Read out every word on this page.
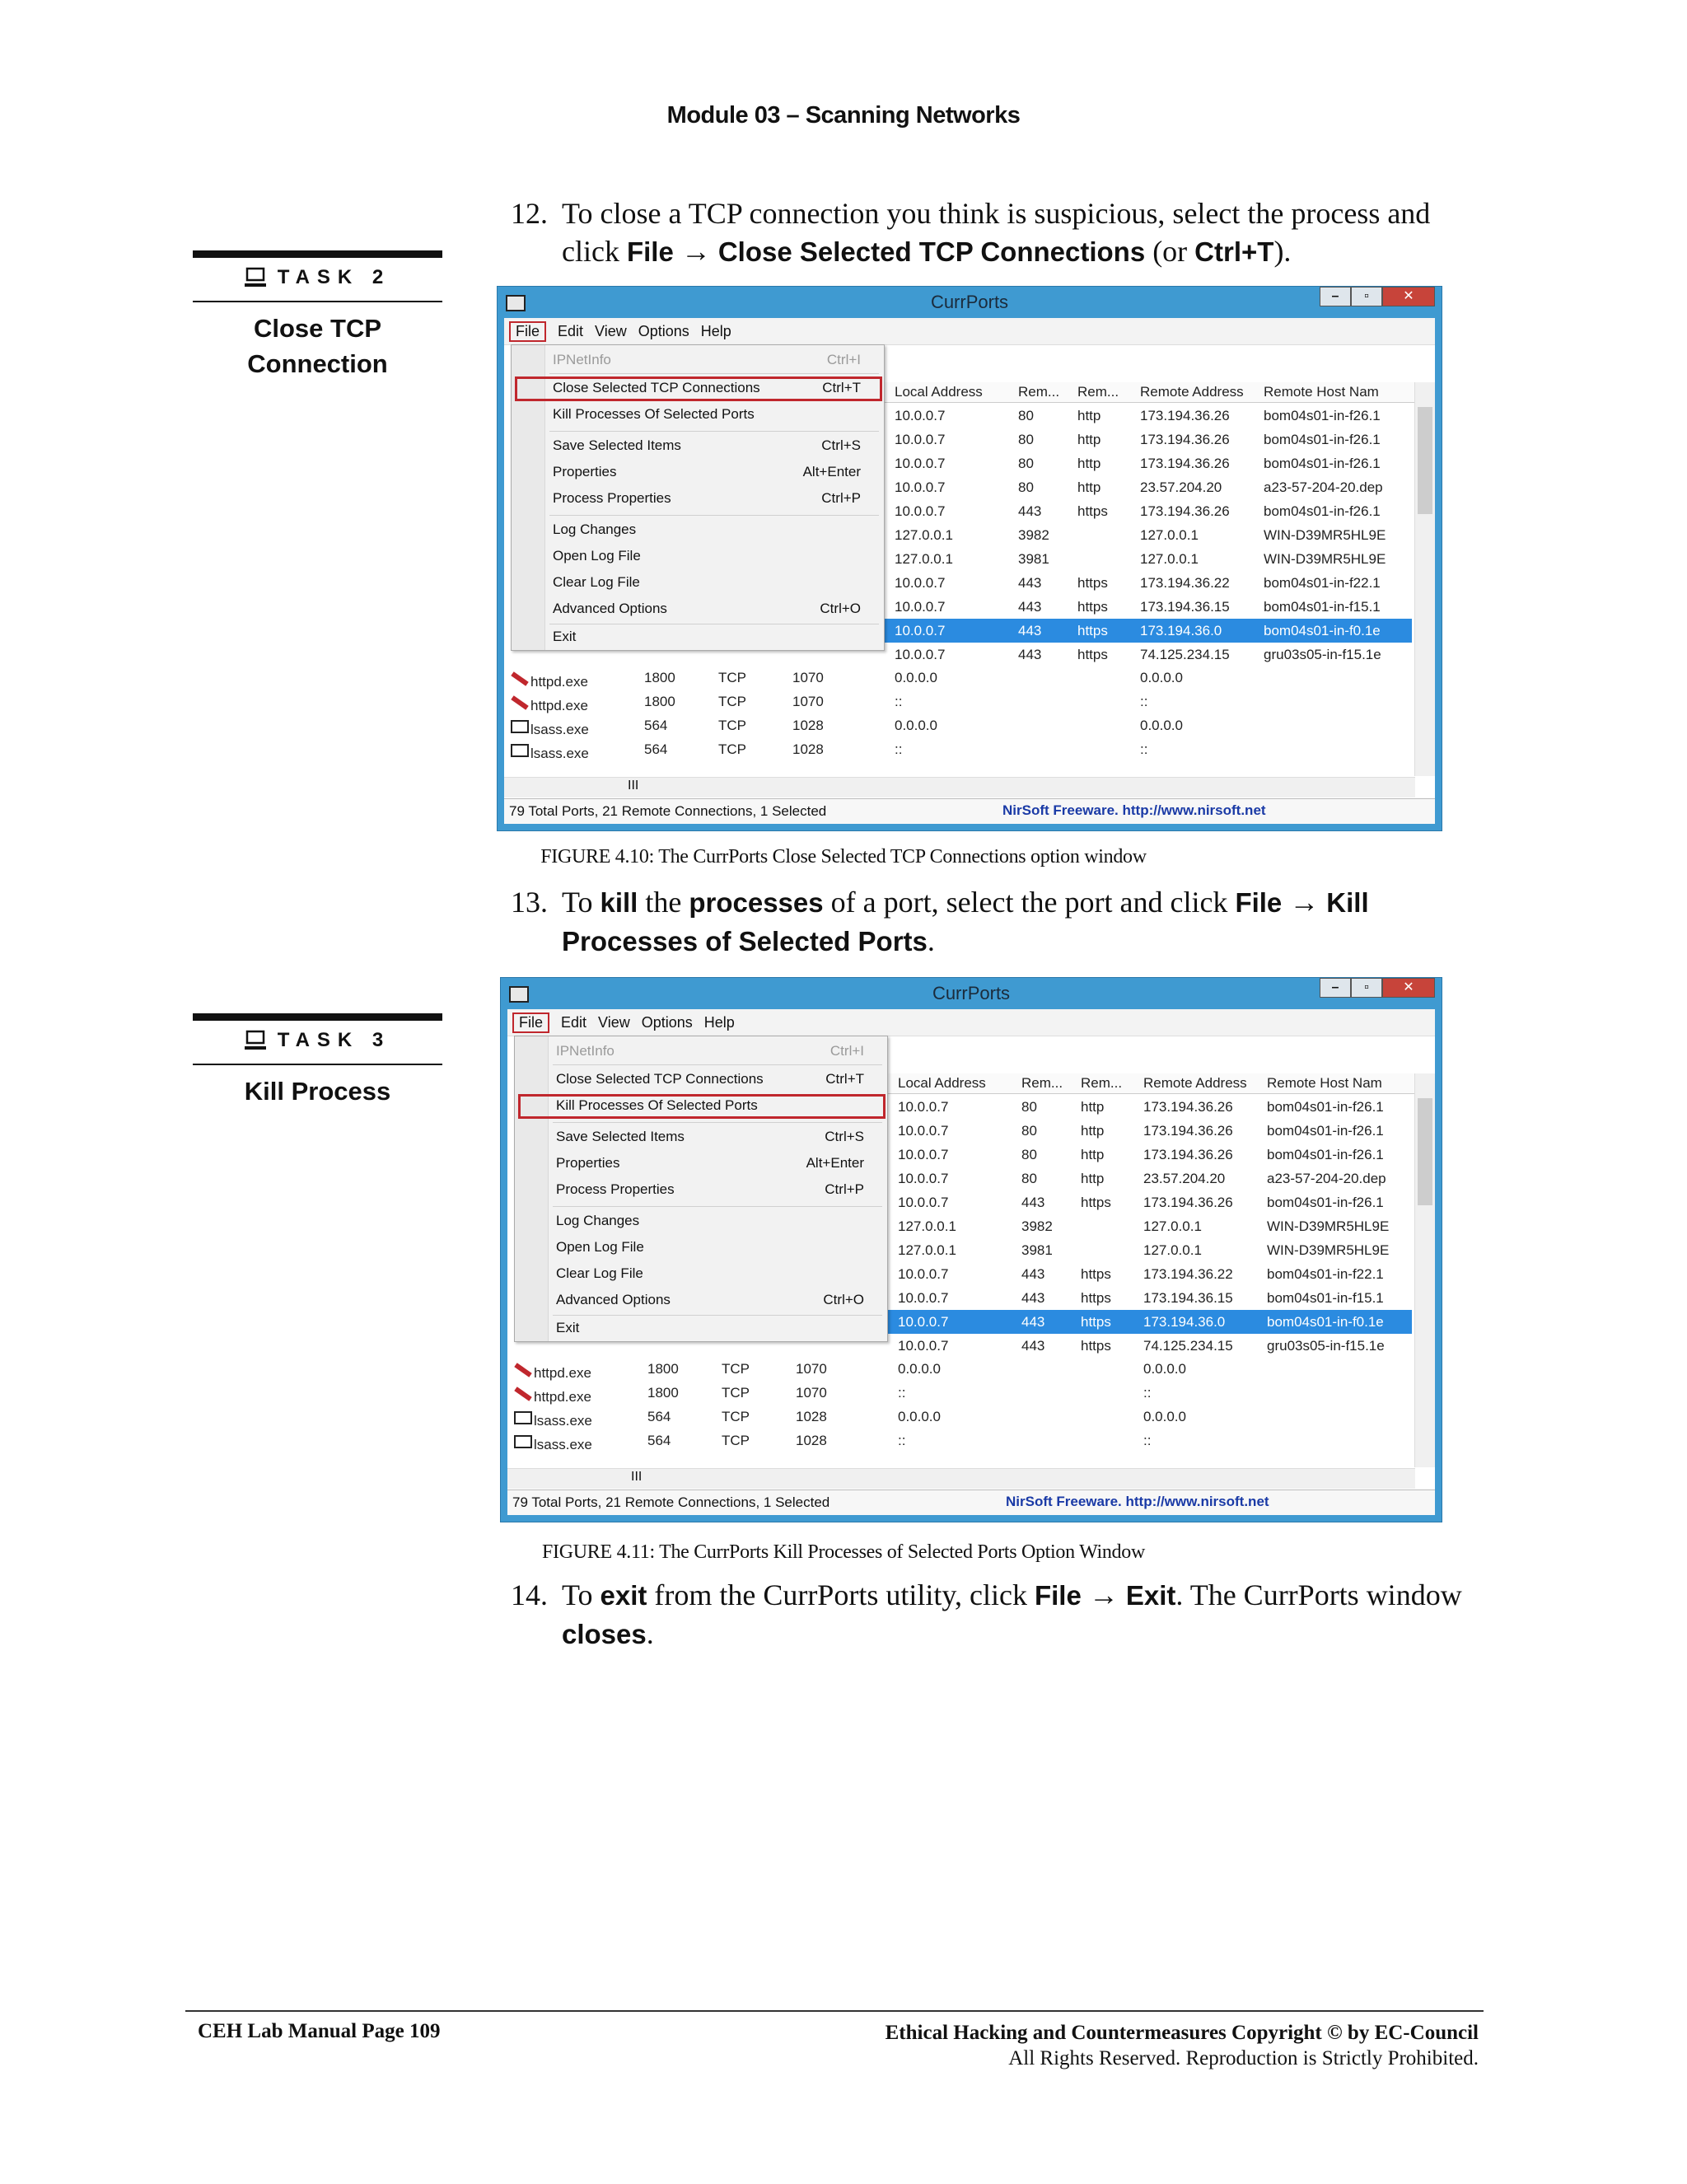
Module 03 – Scanning Networks
TASK 2
Close TCP
Connection
TASK 3
Kill Process
12. To close a TCP connection you think is suspicious, select the process and click File → Close Selected TCP Connections (or Ctrl+T).
CurrPorts	–	▫	✕
File	Edit View Options Help
Local Address	Rem... Rem... Remote Address Remote Host Nam
10.0.0.7	80	http	173.194.36.26 bom04s01-in-f26.1
10.0.0.7	80	http	173.194.36.26 bom04s01-in-f26.1
10.0.0.7	80	http	173.194.36.26 bom04s01-in-f26.1
10.0.0.7	80	http	23.57.204.20	a23-57-204-20.dep
10.0.0.7	443	https 173.194.36.26 bom04s01-in-f26.1
127.0.0.1	3982	127.0.0.1	WIN-D39MR5HL9E
127.0.0.1	3981	127.0.0.1	WIN-D39MR5HL9E
10.0.0.7	443	https 173.194.36.22 bom04s01-in-f22.1
10.0.0.7	443	https 173.194.36.15 bom04s01-in-f15.1
10.0.0.7	443	https 173.194.36.0	bom04s01-in-f0.1e
10.0.0.7	443	https 74.125.234.15 gru03s05-in-f15.1e
httpd.exe	1800	TCP	1070	0.0.0.0	0.0.0.0
httpd.exe	1800	TCP	1070	::	::
lsass.exe	564	TCP	1028	0.0.0.0	0.0.0.0
lsass.exe	564	TCP	1028	::	::
IPNetInfo	Ctrl+I
Close Selected TCP Connections	Ctrl+T
Kill Processes Of Selected Ports
Save Selected Items	Ctrl+S
Properties	Alt+Enter
Process Properties	Ctrl+P
Log Changes
Open Log File
Clear Log File
Advanced Options	Ctrl+O
Exit
III
79 Total Ports, 21 Remote Connections, 1 Selected	NirSoft Freeware. http://www.nirsoft.net
FIGURE 4.10: The CurrPorts Close Selected TCP Connections option window
13. To kill the processes of a port, select the port and click File → Kill Processes of Selected Ports.
CurrPorts	–	▫	✕
File	Edit View Options Help
Local Address	Rem... Rem... Remote Address Remote Host Nam
10.0.0.7	80	http	173.194.36.26 bom04s01-in-f26.1
10.0.0.7	80	http	173.194.36.26 bom04s01-in-f26.1
10.0.0.7	80	http	173.194.36.26 bom04s01-in-f26.1
10.0.0.7	80	http	23.57.204.20	a23-57-204-20.dep
10.0.0.7	443	https 173.194.36.26 bom04s01-in-f26.1
127.0.0.1	3982	127.0.0.1	WIN-D39MR5HL9E
127.0.0.1	3981	127.0.0.1	WIN-D39MR5HL9E
10.0.0.7	443	https 173.194.36.22 bom04s01-in-f22.1
10.0.0.7	443	https 173.194.36.15 bom04s01-in-f15.1
10.0.0.7	443	https 173.194.36.0	bom04s01-in-f0.1e
10.0.0.7	443	https 74.125.234.15 gru03s05-in-f15.1e
httpd.exe	1800	TCP	1070	0.0.0.0	0.0.0.0
httpd.exe	1800	TCP	1070	::	::
lsass.exe	564	TCP	1028	0.0.0.0	0.0.0.0
lsass.exe	564	TCP	1028	::	::
IPNetInfo	Ctrl+I
Close Selected TCP Connections	Ctrl+T
Kill Processes Of Selected Ports
Save Selected Items	Ctrl+S
Properties	Alt+Enter
Process Properties	Ctrl+P
Log Changes
Open Log File
Clear Log File
Advanced Options	Ctrl+O
Exit
III
79 Total Ports, 21 Remote Connections, 1 Selected	NirSoft Freeware. http://www.nirsoft.net
FIGURE 4.11: The CurrPorts Kill Processes of Selected Ports Option Window
14. To exit from the CurrPorts utility, click File → Exit. The CurrPorts window closes.
CEH Lab Manual Page 109	Ethical Hacking and Countermeasures Copyright © by EC-Council
All Rights Reserved. Reproduction is Strictly Prohibited.
